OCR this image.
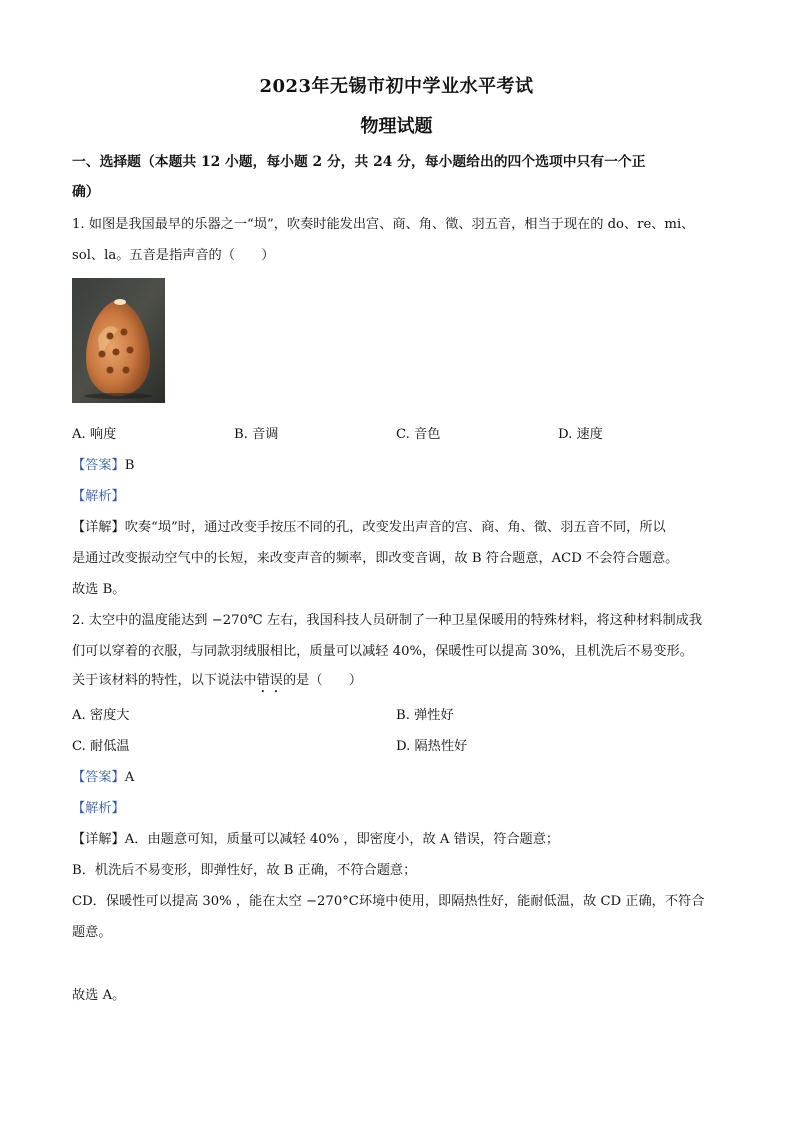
2023年无锡市初中学业水平考试
物理试题
一、选择题（本题共 12 小题，每小题 2 分，共 24 分，每小题给出的四个选项中只有一个正
确）
1. 如图是我国最早的乐器之一“埙”，吹奏时能发出宫、商、角、徵、羽五音，相当于现在的 do、re、mi、
sol、la。五音是指声音的（　　）
A. 响度	B. 音调	C. 音色	D. 速度
【答案】B
【解析】
【详解】吹奏“埙”时，通过改变手按压不同的孔，改变发出声音的宫、商、角、徵、羽五音不同，所以
是通过改变振动空气中的长短，来改变声音的频率，即改变音调，故 B 符合题意，ACD 不会符合题意。
故选 B。
2. 太空中的温度能达到 −270℃ 左右，我国科技人员研制了一种卫星保暖用的特殊材料，将这种材料制成我
们可以穿着的衣服，与同款羽绒服相比，质量可以减轻 40%，保暖性可以提高 30%，且机洗后不易变形。
关于该材料的特性，以下说法中错误的是（　　）
A. 密度大	B. 弹性好
C. 耐低温	D. 隔热性好
【答案】A
【解析】
【详解】A．由题意可知，质量可以减轻 40% ，即密度小，故 A 错误，符合题意；
B．机洗后不易变形，即弹性好，故 B 正确，不符合题意；
CD．保暖性可以提高 30% ，能在太空 −270°C环境中使用，即隔热性好，能耐低温，故 CD 正确，不符合
题意。
故选 A。
